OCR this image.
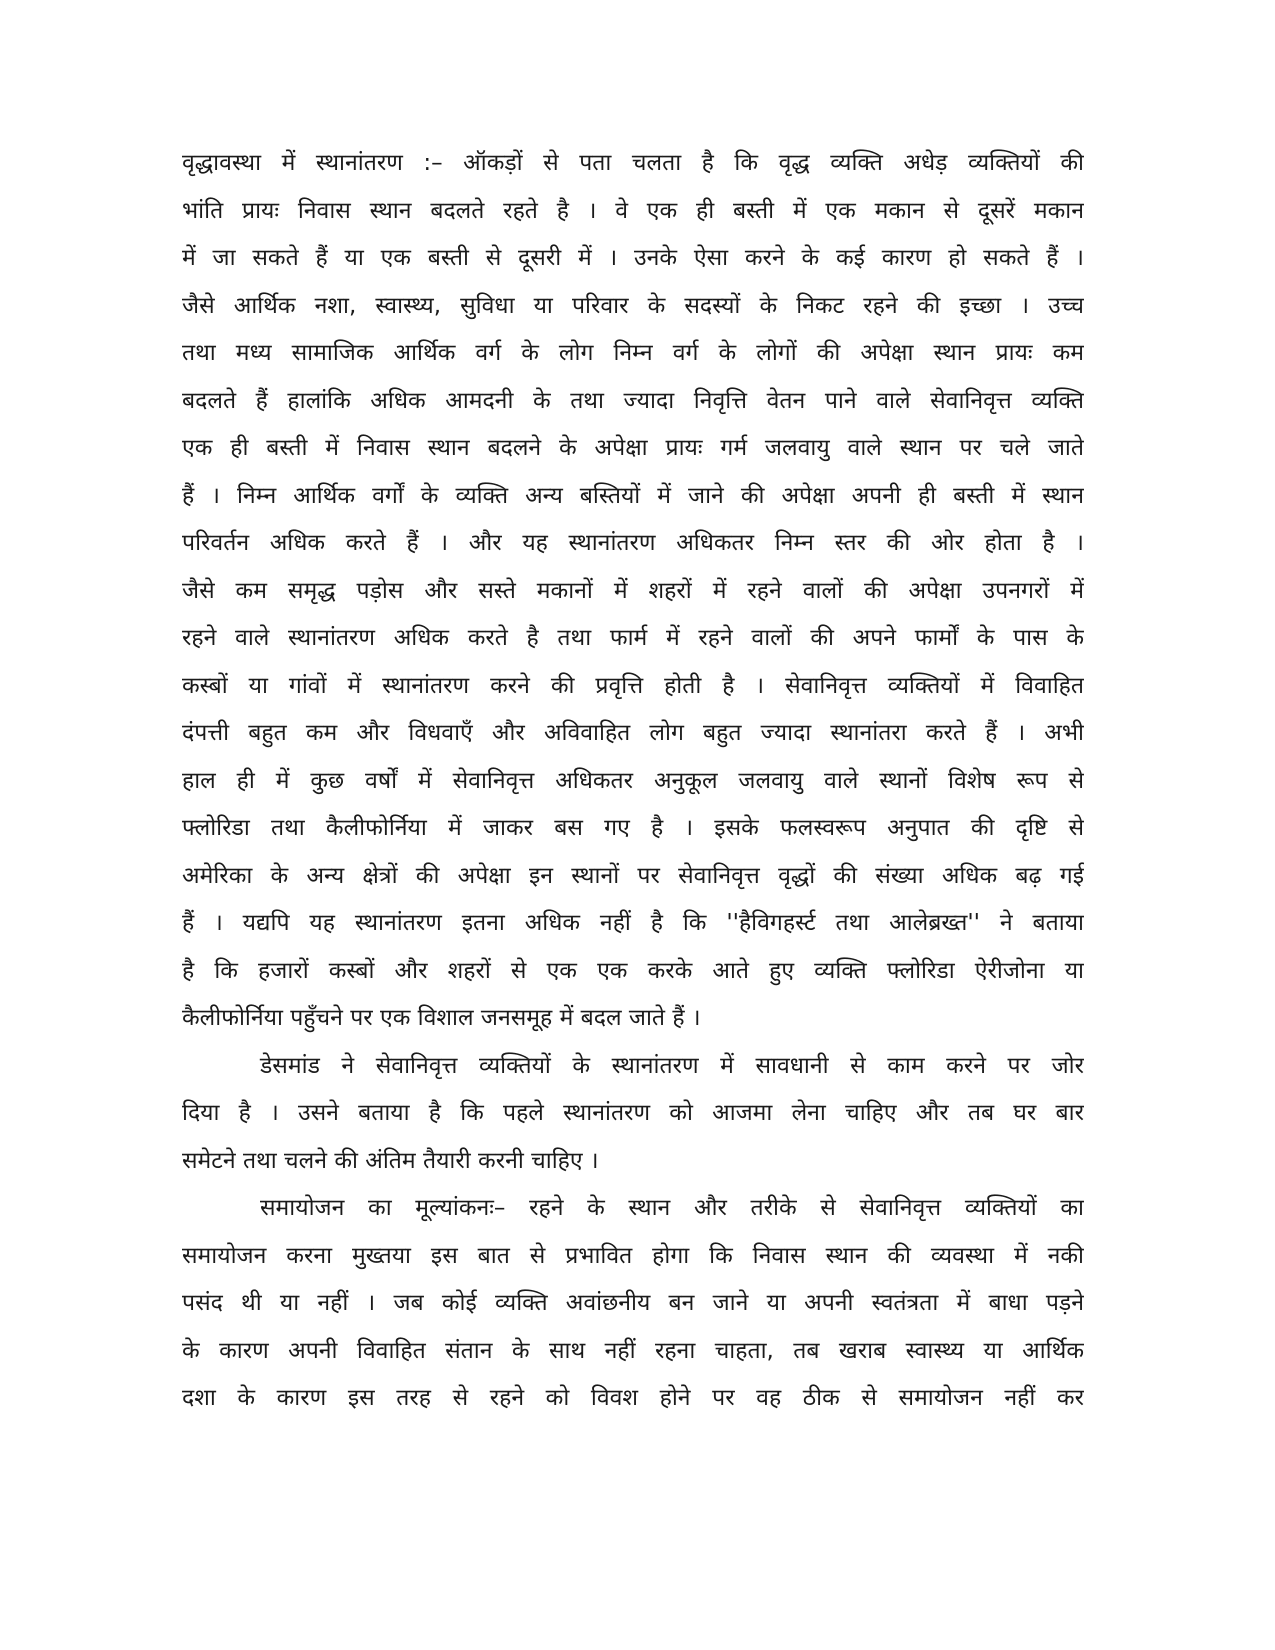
वृद्धावस्था में स्थानांतरण :– ऑकड़ों से पता चलता है कि वृद्ध व्यक्ति अधेड़ व्यक्तियों की
भांति प्रायः निवास स्थान बदलते रहते है । वे एक ही बस्ती में एक मकान से दूसरें मकान
में जा सकते हैं या एक बस्ती से दूसरी में । उनके ऐसा करने के कई कारण हो सकते हैं ।
जैसे आर्थिक नशा, स्वास्थ्य, सुविधा या परिवार के सदस्यों के निकट रहने की इच्छा । उच्च
तथा मध्य सामाजिक आर्थिक वर्ग के लोग निम्न वर्ग के लोगों की अपेक्षा स्थान प्रायः कम
बदलते हैं हालांकि अधिक आमदनी के तथा ज्यादा निवृत्ति वेतन पाने वाले सेवानिवृत्त व्यक्ति
एक ही बस्ती में निवास स्थान बदलने के अपेक्षा प्रायः गर्म जलवायु वाले स्थान पर चले जाते
हैं । निम्न आर्थिक वर्गों के व्यक्ति अन्य बस्तियों में जाने की अपेक्षा अपनी ही बस्ती में स्थान
परिवर्तन अधिक करते हैं । और यह स्थानांतरण अधिकतर निम्न स्तर की ओर होता है ।
जैसे कम समृद्ध पड़ोस और सस्ते मकानों में शहरों में रहने वालों की अपेक्षा उपनगरों में
रहने वाले स्थानांतरण अधिक करते है तथा फार्म में रहने वालों की अपने फार्मों के पास के
कस्बों या गांवों में स्थानांतरण करने की प्रवृत्ति होती है । सेवानिवृत्त व्यक्तियों में विवाहित
दंपत्ती बहुत कम और विधवाएँ और अविवाहित लोग बहुत ज्यादा स्थानांतरा करते हैं । अभी
हाल ही में कुछ वर्षों में सेवानिवृत्त अधिकतर अनुकूल जलवायु वाले स्थानों विशेष रूप से
फ्लोरिडा तथा कैलीफोर्निया में जाकर बस गए है । इसके फलस्वरूप अनुपात की दृष्टि से
अमेरिका के अन्य क्षेत्रों की अपेक्षा इन स्थानों पर सेवानिवृत्त वृद्धों की संख्या अधिक बढ़ गई
हैं । यद्यपि यह स्थानांतरण इतना अधिक नहीं है कि ''हैविगहर्स्ट तथा आलेब्रख्त'' ने बताया
है कि हजारों कस्बों और शहरों से एक एक करके आते हुए व्यक्ति फ्लोरिडा ऐरीजोना या
कैलीफोर्निया पहुँचने पर एक विशाल जनसमूह में बदल जाते हैं ।
डेसमांड ने सेवानिवृत्त व्यक्तियों के स्थानांतरण में सावधानी से काम करने पर जोर
दिया है । उसने बताया है कि पहले स्थानांतरण को आजमा लेना चाहिए और तब घर बार
समेटने तथा चलने की अंतिम तैयारी करनी चाहिए ।
समायोजन का मूल्यांकनः– रहने के स्थान और तरीके से सेवानिवृत्त व्यक्तियों का
समायोजन करना मुख्तया इस बात से प्रभावित होगा कि निवास स्थान की व्यवस्था में नकी
पसंद थी या नहीं । जब कोई व्यक्ति अवांछनीय बन जाने या अपनी स्वतंत्रता में बाधा पड़ने
के कारण अपनी विवाहित संतान के साथ नहीं रहना चाहता, तब खराब स्वास्थ्य या आर्थिक
दशा के कारण इस तरह से रहने को विवश होने पर वह ठीक से समायोजन नहीं कर
